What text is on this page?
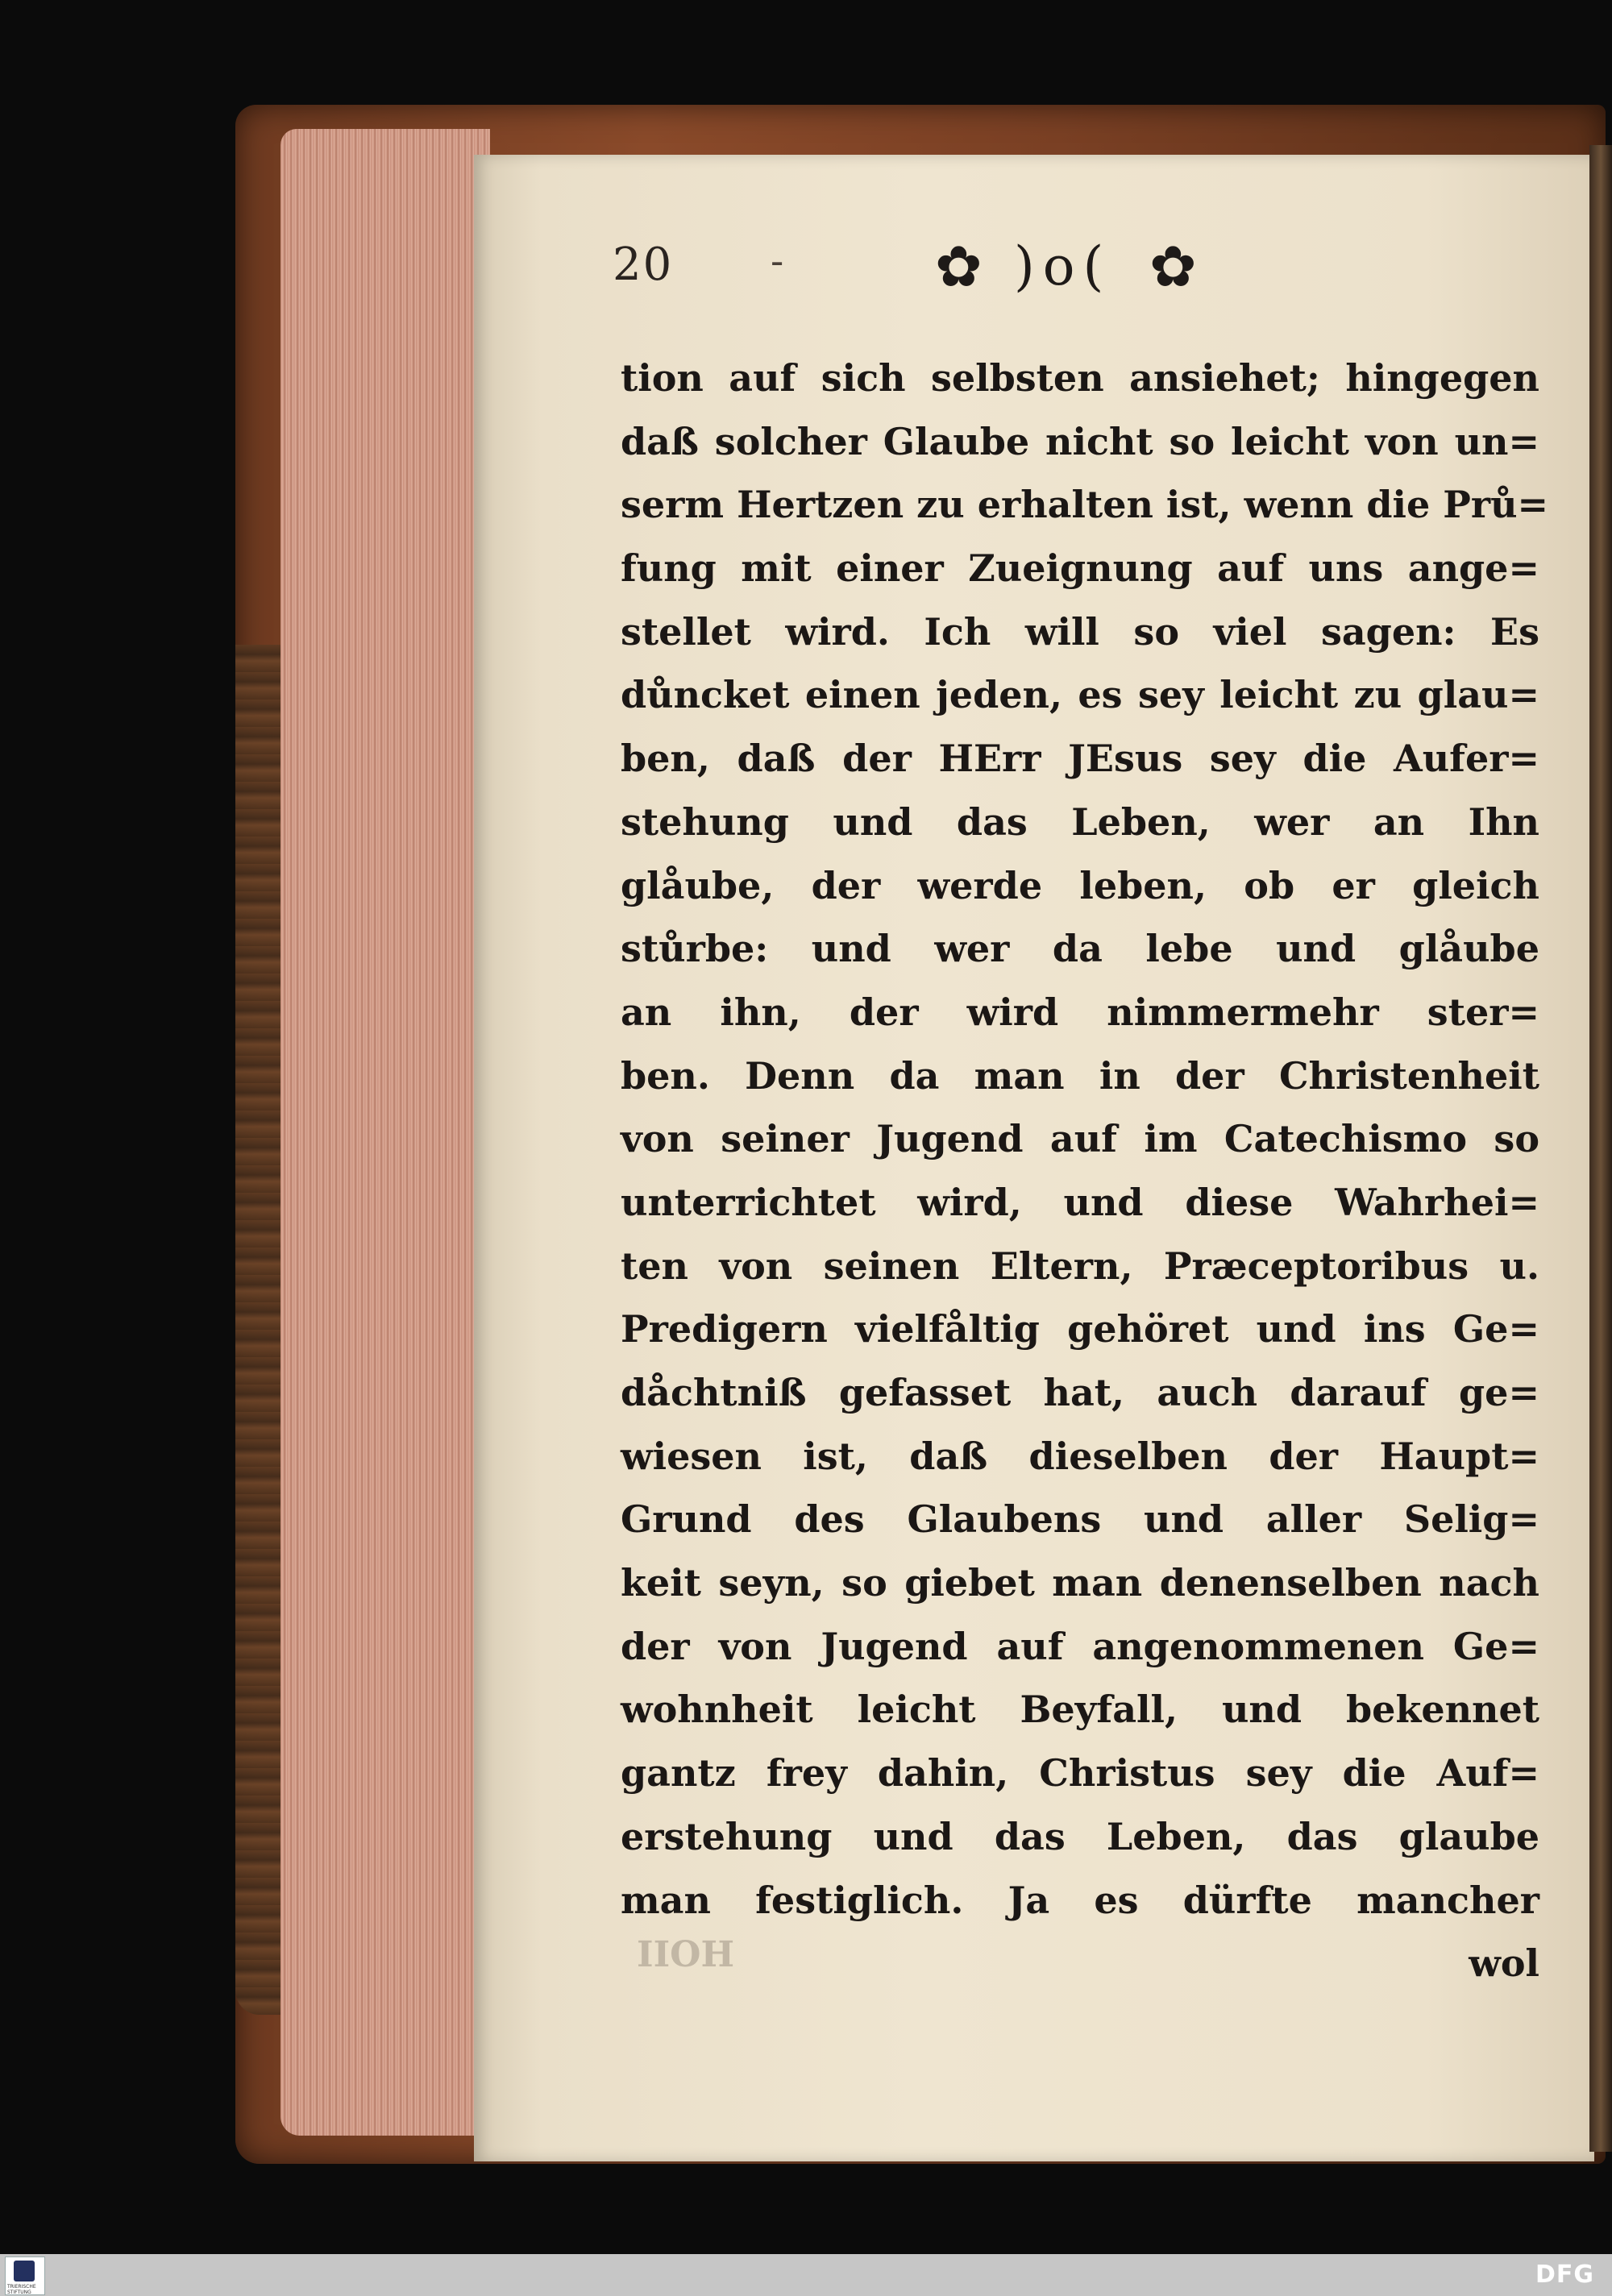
20	-	✿ )o( ✿
tion auf sich selbsten ansiehet; hingegen
daß solcher Glaube nicht so leicht von un=
serm Hertzen zu erhalten ist, wenn die Prů=
fung mit einer Zueignung auf uns ange=
stellet wird. Ich will so viel sagen: Es
důncket einen jeden, es sey leicht zu glau=
ben, daß der HErr JEsus sey die Aufer=
stehung und das Leben, wer an Ihn
glåube, der werde leben, ob er gleich
stůrbe: und wer da lebe und glåube
an ihn, der wird nimmermehr ster=
ben. Denn da man in der Christenheit
von seiner Jugend auf im Catechismo so
unterrichtet wird, und diese Wahrhei=
ten von seinen Eltern, Præceptoribus u.
Predigern vielfåltig gehöret und ins Ge=
dåchtniß gefasset hat, auch darauf ge=
wiesen ist, daß dieselben der Haupt=
Grund des Glaubens und aller Selig=
keit seyn, so giebet man denenselben nach
der von Jugend auf angenommenen Ge=
wohnheit leicht Beyfall, und bekennet
gantz frey dahin, Christus sey die Auf=
erstehung und das Leben, das glaube
man festiglich. Ja es dürfte mancher
wol
IIOH
TRIERISCHE STIFTUNG
DFG
